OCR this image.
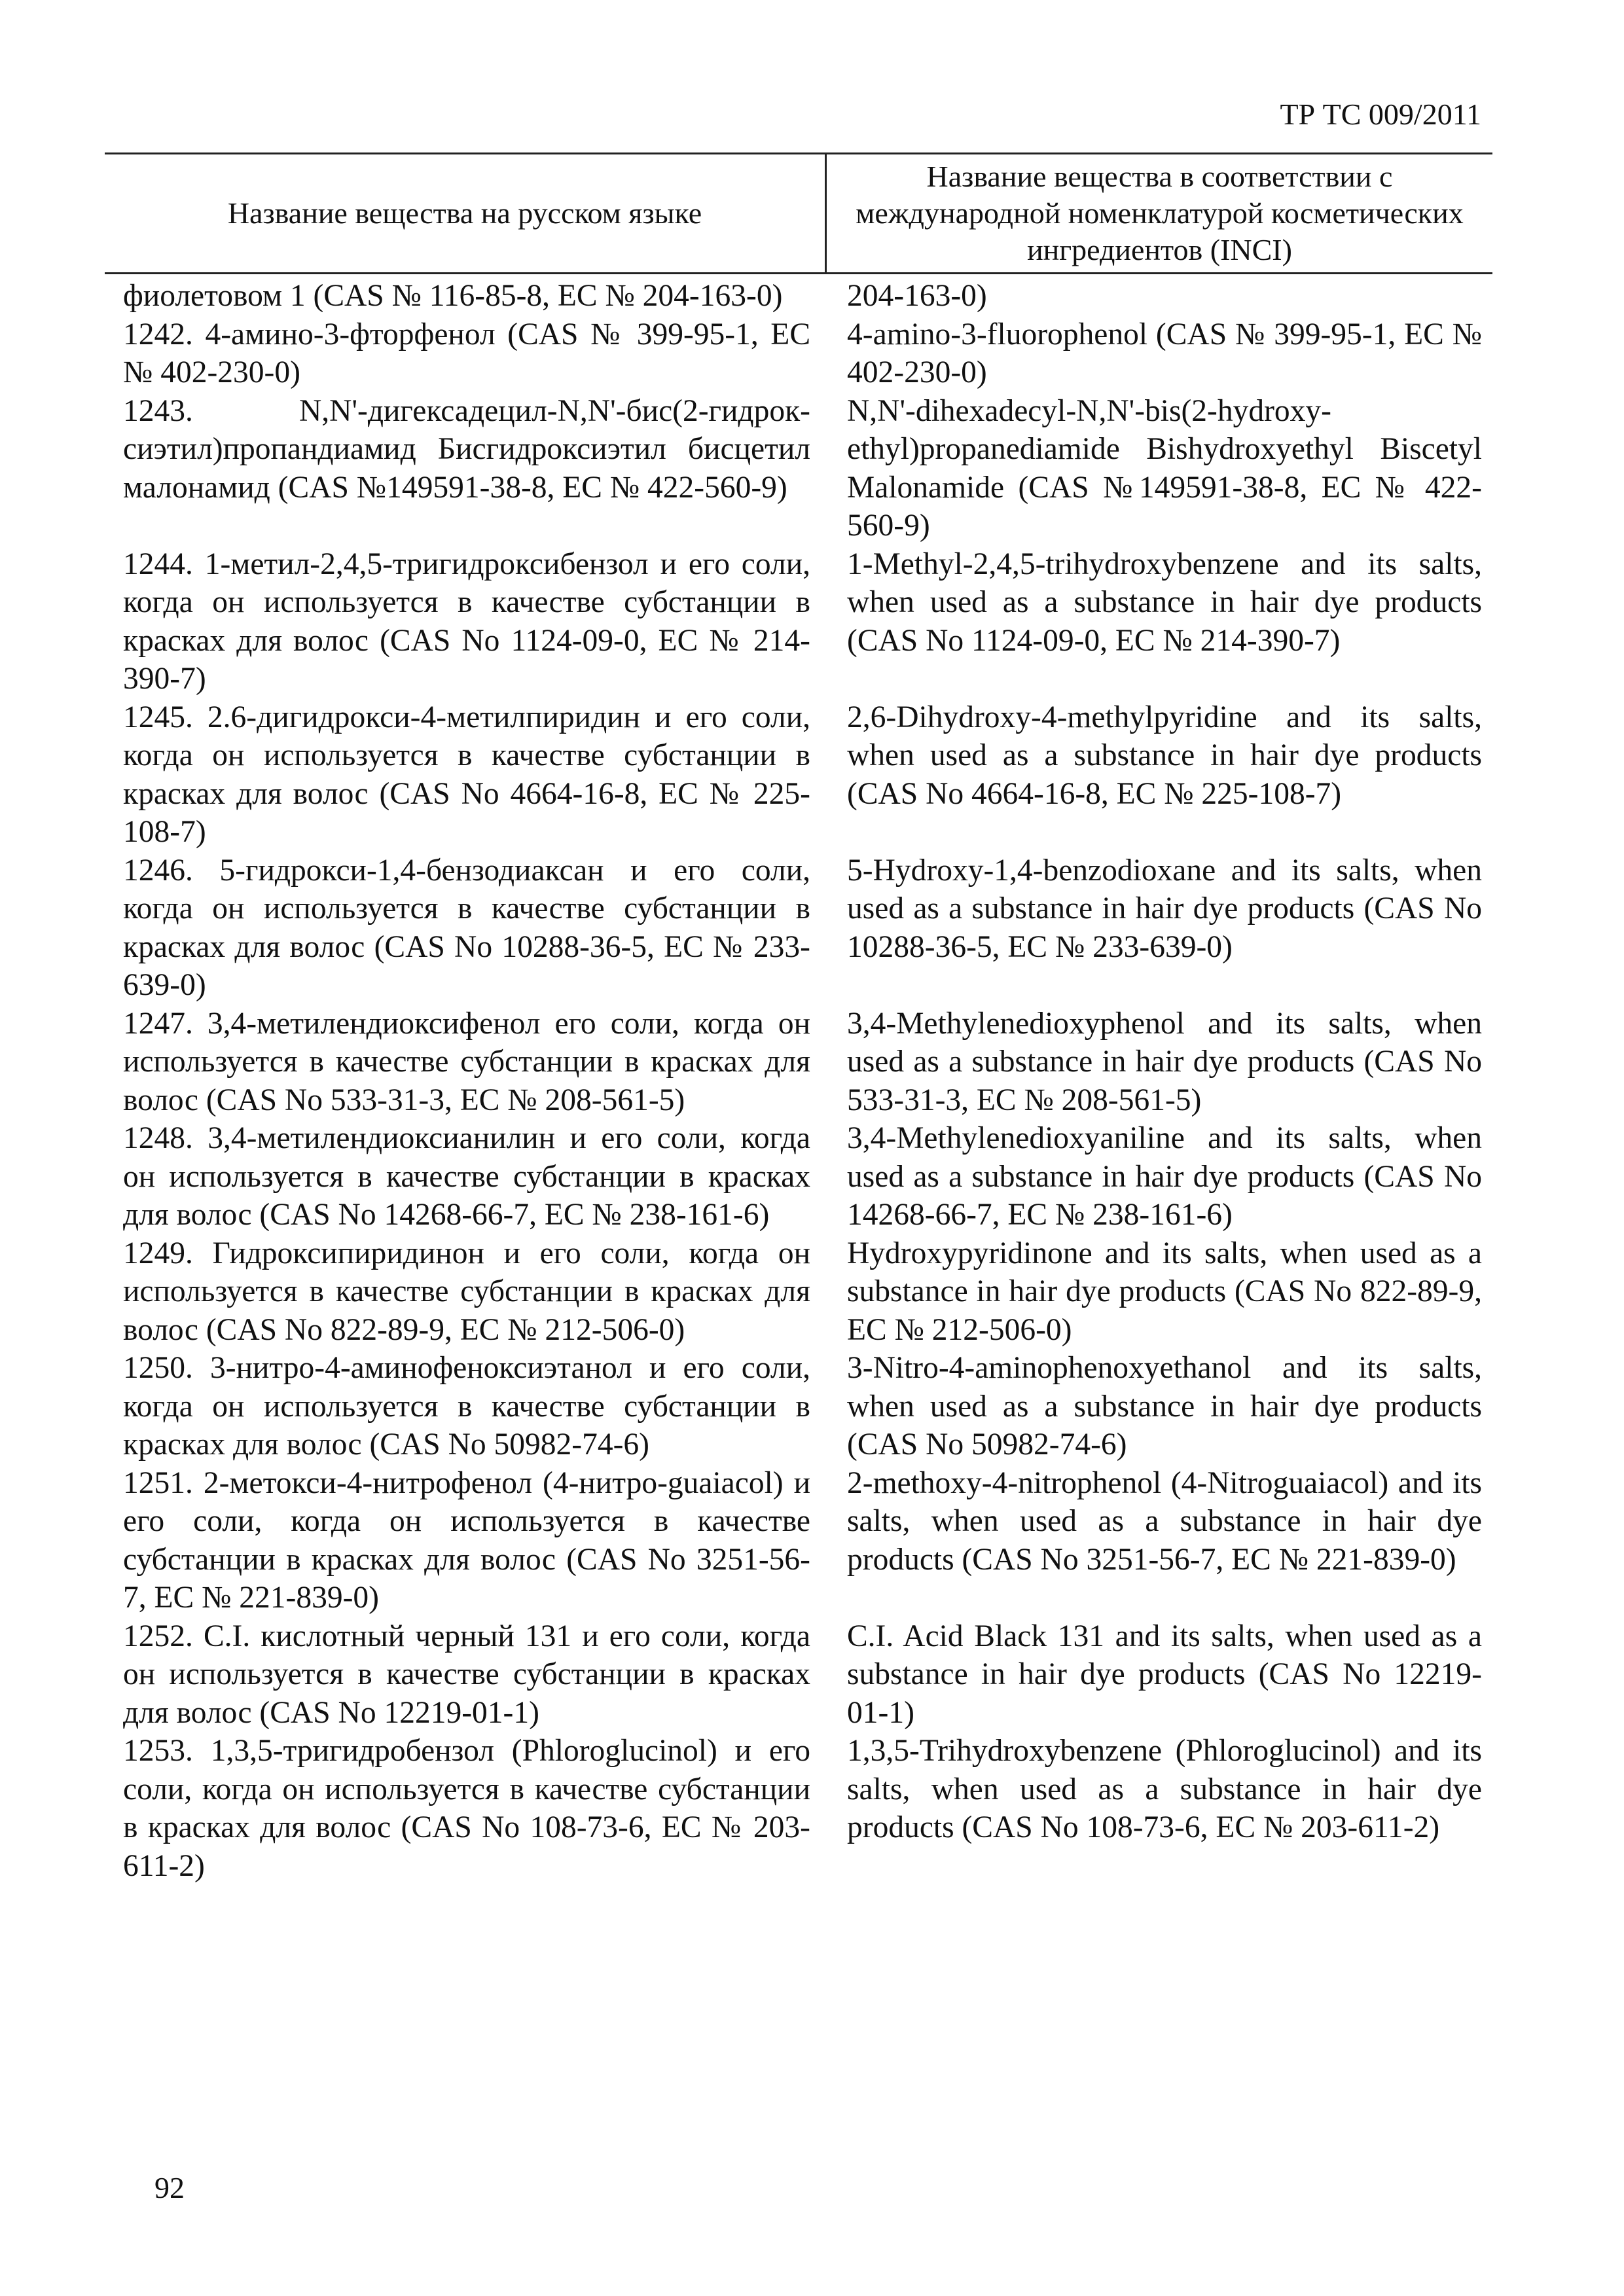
ТР ТС 009/2011
Название вещества на русском языке
Название вещества в соответствии с международной номенклатурой косметических ингредиентов (INCI)
фиолетовом 1 (CAS № 116-85-8, EC № 204-163-0)	204-163-0)
1242. 4-амино-3-фторфенол (CAS № 399-95-1, EC № 402-230-0)
4-amino-3-fluorophenol (CAS № 399-95-1, EC № 402-230-0)
1243. N,N'-дигексадецил-N,N'-бис(2-гидрок-сиэтил)пропандиамид Бисгидроксиэтил бисцетил малонамид (CAS №149591-38-8, EC № 422-560-9)
N,N'-dihexadecyl-N,N'-bis(2-hydroxy-ethyl)propanediamide Bishydroxyethyl Biscetyl Malonamide (CAS №149591-38-8, EC № 422-560-9)
1244. 1-метил-2,4,5-тригидроксибензол и его соли, когда он используется в качестве субстанции в красках для волос (CAS No 1124-09-0, EC № 214-390-7)
1-Methyl-2,4,5-trihydroxybenzene and its salts, when used as a substance in hair dye products (CAS No 1124-09-0, EC № 214-390-7)
1245. 2.6-дигидрокси-4-метилпиридин и его соли, когда он используется в качестве субстанции в красках для волос (CAS No 4664-16-8, EC № 225-108-7)
2,6-Dihydroxy-4-methylpyridine and its salts, when used as a substance in hair dye products (CAS No 4664-16-8, EC № 225-108-7)
1246. 5-гидрокси-1,4-бензодиаксан и его соли, когда он используется в качестве субстанции в красках для волос (CAS No 10288-36-5, EC № 233-639-0)
5-Hydroxy-1,4-benzodioxane and its salts, when used as a substance in hair dye products (CAS No 10288-36-5, EC № 233-639-0)
1247. 3,4-метилендиоксифенол его соли, когда он используется в качестве субстанции в красках для волос (CAS No 533-31-3, EC № 208-561-5)
3,4-Methylenedioxyphenol and its salts, when used as a substance in hair dye products (CAS No 533-31-3, EC № 208-561-5)
1248. 3,4-метилендиоксианилин и его соли, когда он используется в качестве субстанции в красках для волос (CAS No 14268-66-7, EC № 238-161-6)
3,4-Methylenedioxyaniline and its salts, when used as a substance in hair dye products (CAS No 14268-66-7, EC № 238-161-6)
1249. Гидроксипиридинон и его соли, когда он используется в качестве субстанции в красках для волос (CAS No 822-89-9, EC № 212-506-0)
Hydroxypyridinone and its salts, when used as a substance in hair dye products (CAS No 822-89-9, EC № 212-506-0)
1250. 3-нитро-4-аминофеноксиэтанол и его соли, когда он используется в качестве субстанции в красках для волос (CAS No 50982-74-6)
3-Nitro-4-aminophenoxyethanol and its salts, when used as a substance in hair dye products (CAS No 50982-74-6)
1251. 2-метокси-4-нитрофенол (4-нитро-guaiacol) и его соли, когда он используется в качестве субстанции в красках для волос (CAS No 3251-56-7, EC № 221-839-0)
2-methoxy-4-nitrophenol (4-Nitroguaiacol) and its salts, when used as a substance in hair dye products (CAS No 3251-56-7, EC № 221-839-0)
1252. C.I. кислотный черный 131 и его соли, когда он используется в качестве субстанции в красках для волос (CAS No 12219-01-1)
C.I. Acid Black 131 and its salts, when used as a substance in hair dye products (CAS No 12219-01-1)
1253. 1,3,5-тригидробензол (Phloroglucinol) и его соли, когда он используется в качестве субстанции в красках для волос (CAS No 108-73-6, EC № 203-611-2)
1,3,5-Trihydroxybenzene (Phloroglucinol) and its salts, when used as a substance in hair dye products (CAS No 108-73-6, EC № 203-611-2)
92
